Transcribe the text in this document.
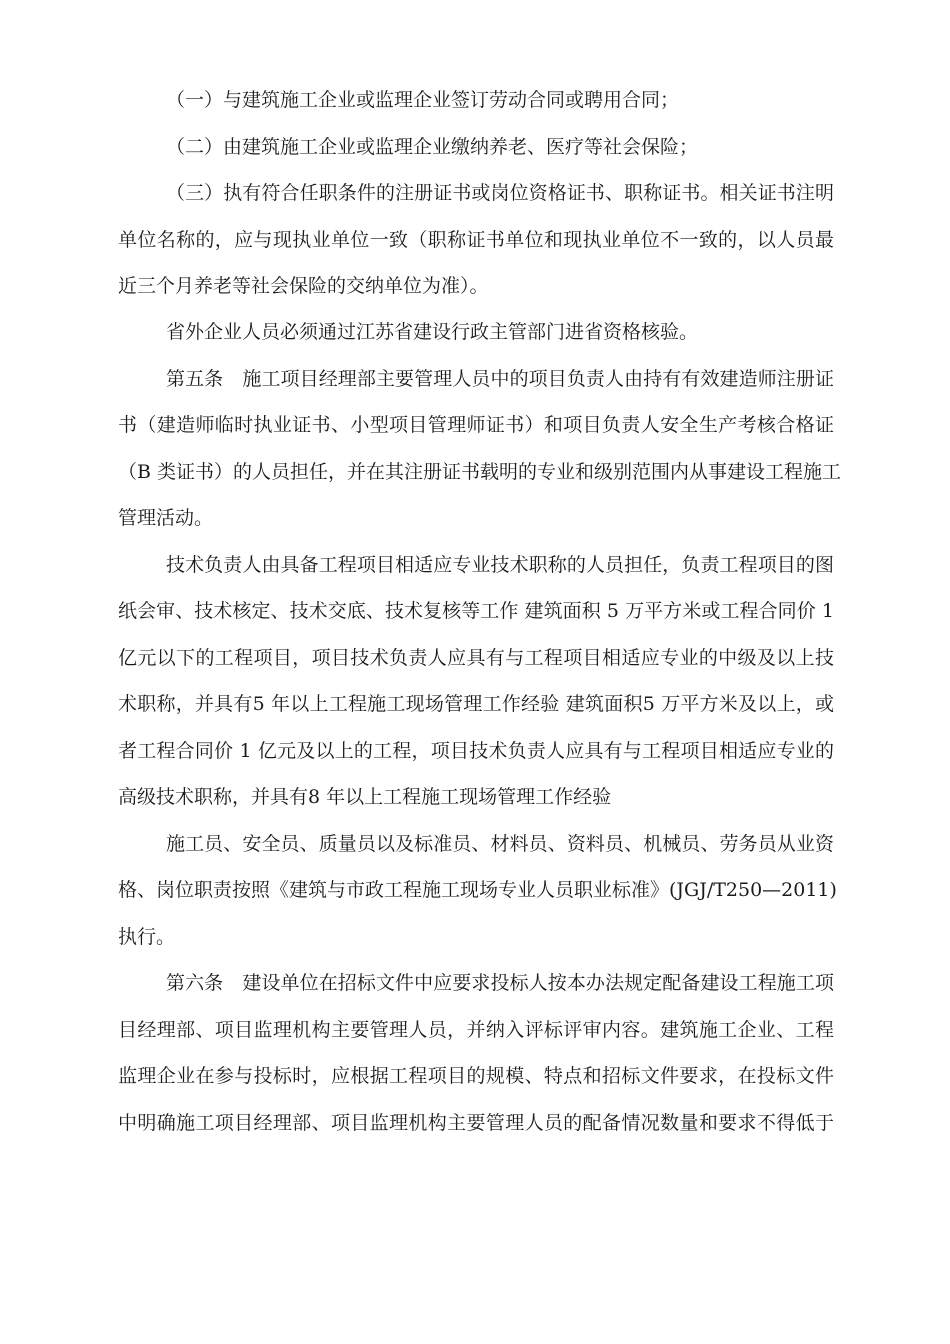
（一）与建筑施工企业或监理企业签订劳动合同或聘用合同；

（二）由建筑施工企业或监理企业缴纳养老、医疗等社会保险；

（三）执有符合任职条件的注册证书或岗位资格证书、职称证书。相关证书注明

单位名称的，应与现执业单位一致（职称证书单位和现执业单位不一致的，以人员最

近三个月养老等社会保险的交纳单位为准）。

省外企业人员必须通过江苏省建设行政主管部门进省资格核验。

第五条　施工项目经理部主要管理人员中的项目负责人由持有有效建造师注册证

书（建造师临时执业证书、小型项目管理师证书）和项目负责人安全生产考核合格证

（B 类证书）的人员担任，并在其注册证书载明的专业和级别范围内从事建设工程施工

管理活动。

技术负责人由具备工程项目相适应专业技术职称的人员担任，负责工程项目的图

纸会审、技术核定、技术交底、技术复核等工作 建筑面积 5 万平方米或工程合同价 1

亿元以下的工程项目，项目技术负责人应具有与工程项目相适应专业的中级及以上技

术职称，并具有5 年以上工程施工现场管理工作经验 建筑面积5 万平方米及以上，或

者工程合同价 1 亿元及以上的工程，项目技术负责人应具有与工程项目相适应专业的

高级技术职称，并具有8 年以上工程施工现场管理工作经验

施工员、安全员、质量员以及标准员、材料员、资料员、机械员、劳务员从业资

格、岗位职责按照《建筑与市政工程施工现场专业人员职业标准》(JGJ/T250—2011)

执行。

第六条　建设单位在招标文件中应要求投标人按本办法规定配备建设工程施工项

目经理部、项目监理机构主要管理人员，并纳入评标评审内容。建筑施工企业、工程

监理企业在参与投标时，应根据工程项目的规模、特点和招标文件要求，在投标文件

中明确施工项目经理部、项目监理机构主要管理人员的配备情况数量和要求不得低于
